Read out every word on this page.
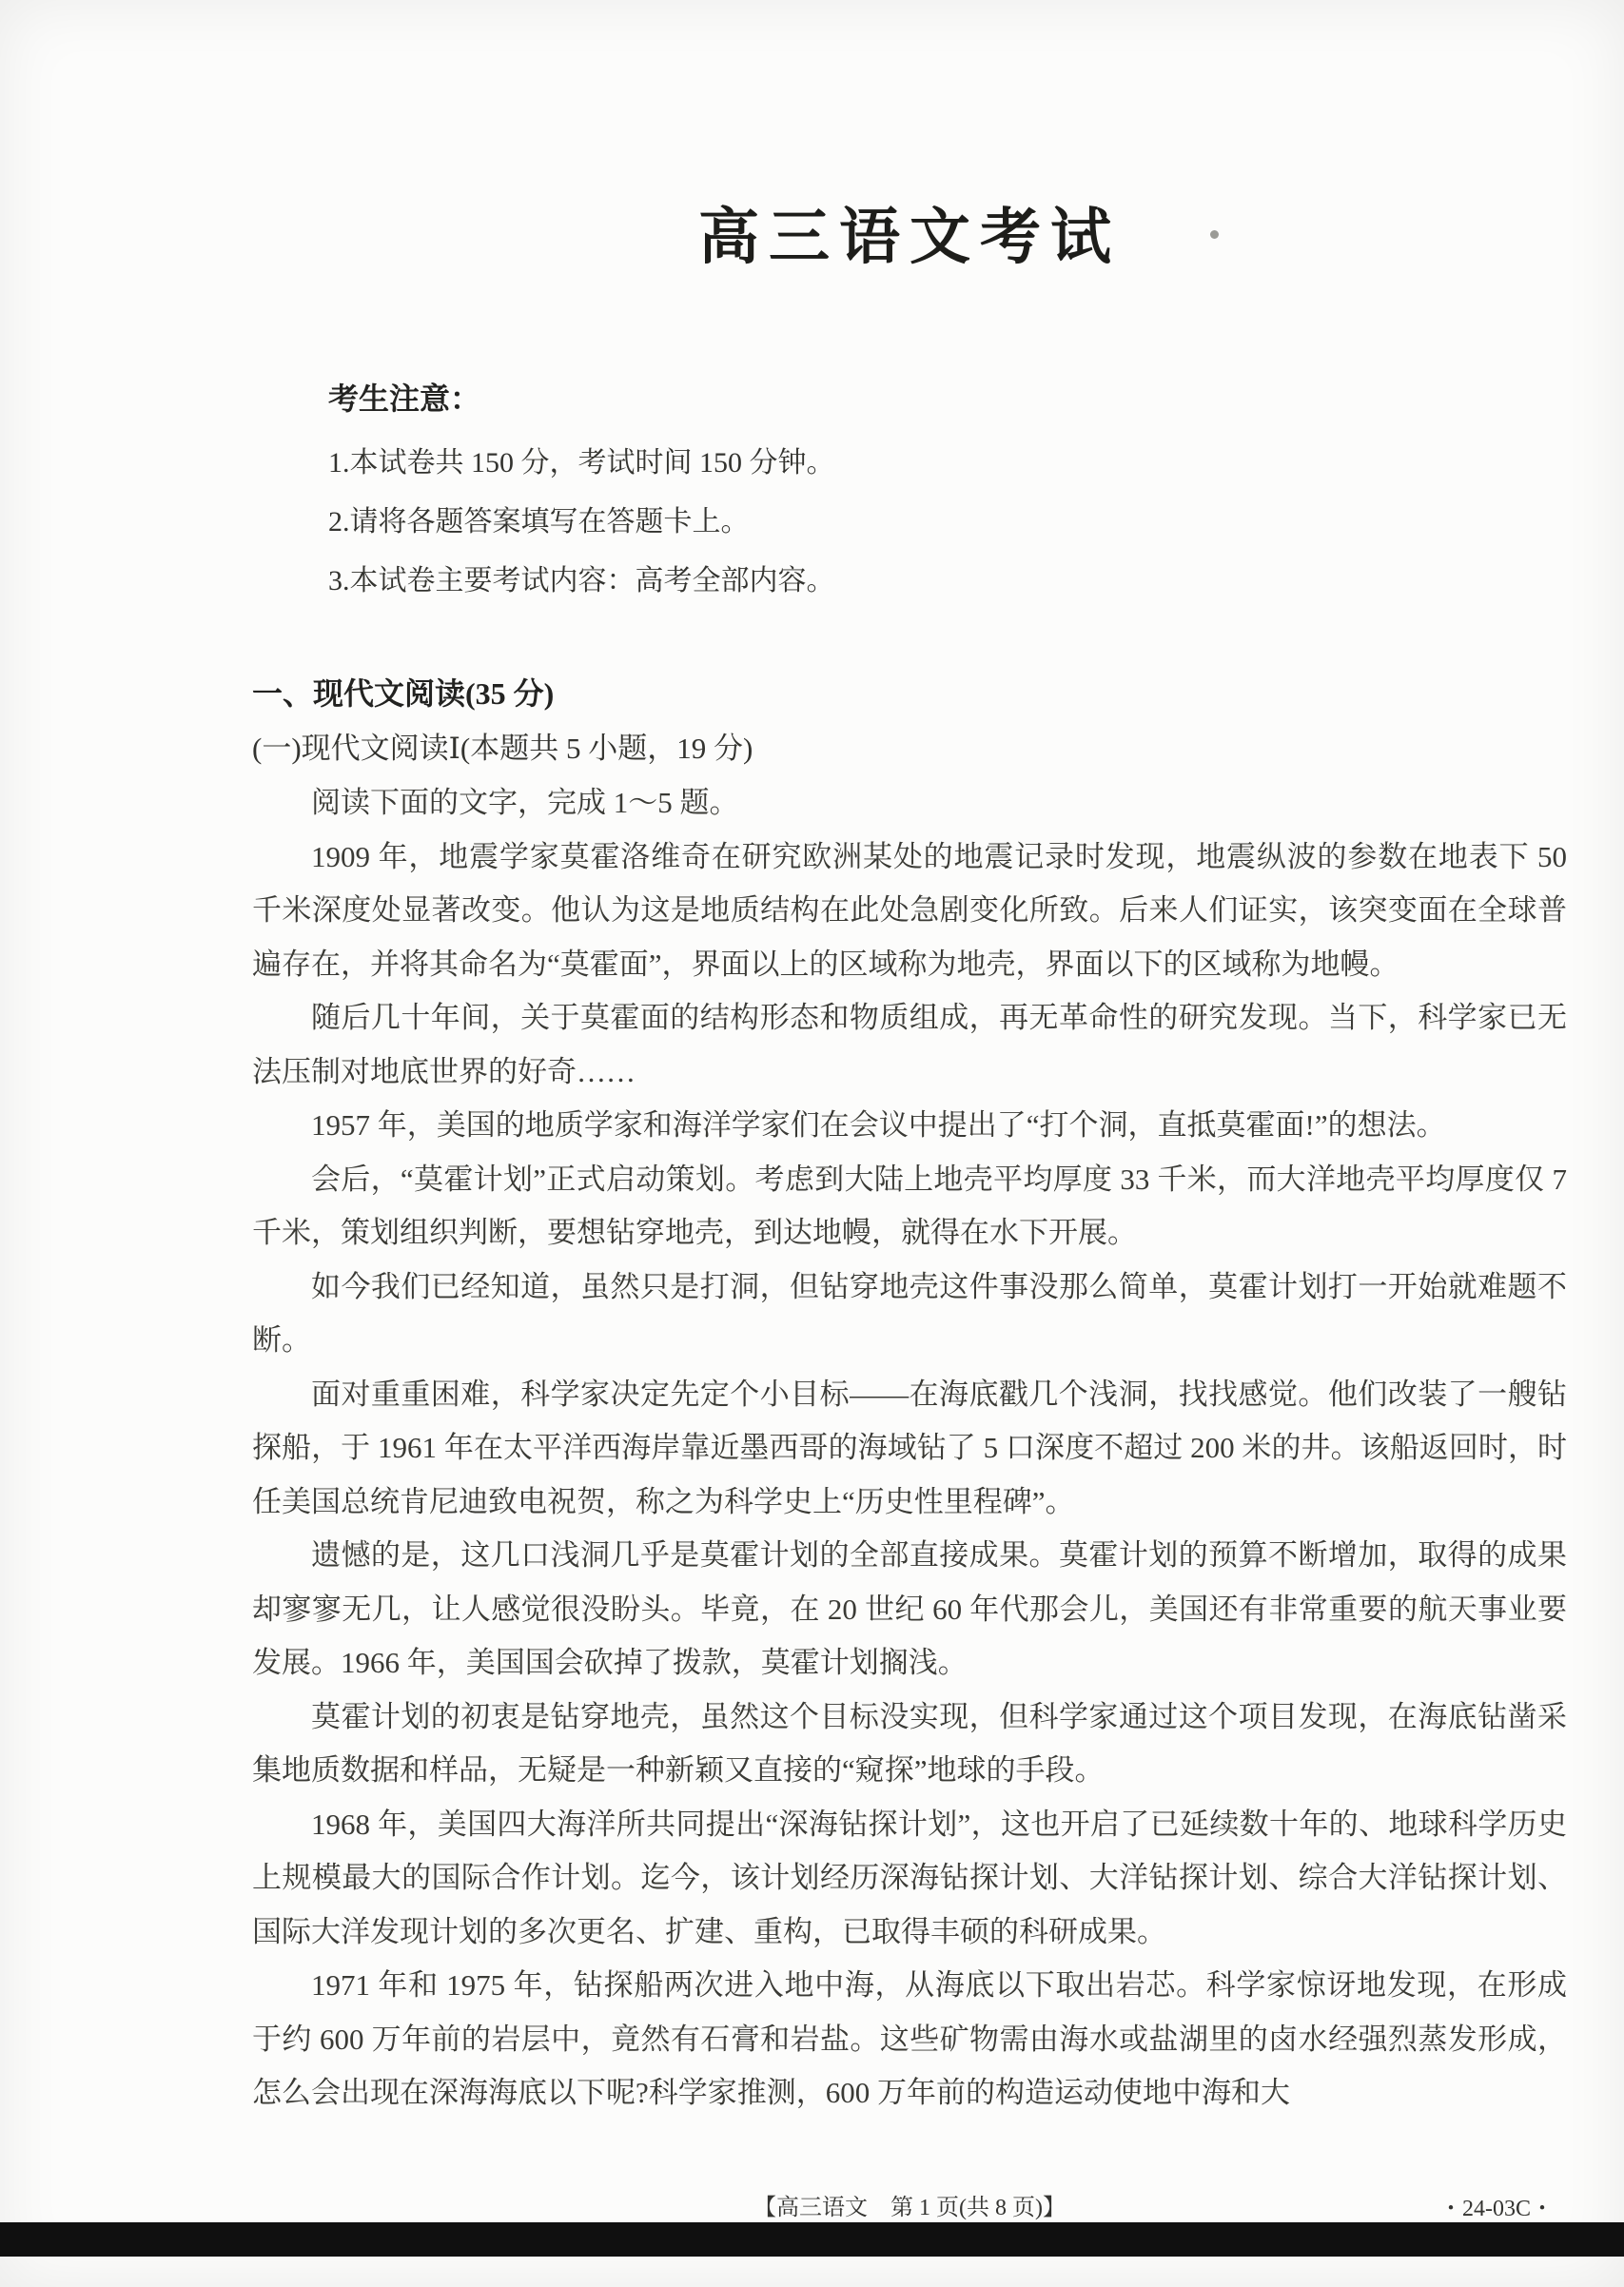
高三语文考试
考生注意：

1.本试卷共 150 分，考试时间 150 分钟。

2.请将各题答案填写在答题卡上。

3.本试卷主要考试内容：高考全部内容。

一、现代文阅读(35 分)

(一)现代文阅读Ⅰ(本题共 5 小题，19 分)

阅读下面的文字，完成 1～5 题。

1909 年，地震学家莫霍洛维奇在研究欧洲某处的地震记录时发现，地震纵波的参数在地表下 50 千米深度处显著改变。他认为这是地质结构在此处急剧变化所致。后来人们证实，该突变面在全球普遍存在，并将其命名为“莫霍面”，界面以上的区域称为地壳，界面以下的区域称为地幔。

随后几十年间，关于莫霍面的结构形态和物质组成，再无革命性的研究发现。当下，科学家已无法压制对地底世界的好奇……

1957 年，美国的地质学家和海洋学家们在会议中提出了“打个洞，直抵莫霍面!”的想法。

会后，“莫霍计划”正式启动策划。考虑到大陆上地壳平均厚度 33 千米，而大洋地壳平均厚度仅 7 千米，策划组织判断，要想钻穿地壳，到达地幔，就得在水下开展。

如今我们已经知道，虽然只是打洞，但钻穿地壳这件事没那么简单，莫霍计划打一开始就难题不断。

面对重重困难，科学家决定先定个小目标——在海底戳几个浅洞，找找感觉。他们改装了一艘钻探船，于 1961 年在太平洋西海岸靠近墨西哥的海域钻了 5 口深度不超过 200 米的井。该船返回时，时任美国总统肯尼迪致电祝贺，称之为科学史上“历史性里程碑”。

遗憾的是，这几口浅洞几乎是莫霍计划的全部直接成果。莫霍计划的预算不断增加，取得的成果却寥寥无几，让人感觉很没盼头。毕竟，在 20 世纪 60 年代那会儿，美国还有非常重要的航天事业要发展。1966 年，美国国会砍掉了拨款，莫霍计划搁浅。

莫霍计划的初衷是钻穿地壳，虽然这个目标没实现，但科学家通过这个项目发现，在海底钻凿采集地质数据和样品，无疑是一种新颖又直接的“窥探”地球的手段。

1968 年，美国四大海洋所共同提出“深海钻探计划”，这也开启了已延续数十年的、地球科学历史上规模最大的国际合作计划。迄今，该计划经历深海钻探计划、大洋钻探计划、综合大洋钻探计划、国际大洋发现计划的多次更名、扩建、重构，已取得丰硕的科研成果。

1971 年和 1975 年，钻探船两次进入地中海，从海底以下取出岩芯。科学家惊讶地发现，在形成于约 600 万年前的岩层中，竟然有石膏和岩盐。这些矿物需由海水或盐湖里的卤水经强烈蒸发形成，怎么会出现在深海海底以下呢?科学家推测，600 万年前的构造运动使地中海和大

【高三语文　第 1 页(共 8 页)】	・24-03C・
